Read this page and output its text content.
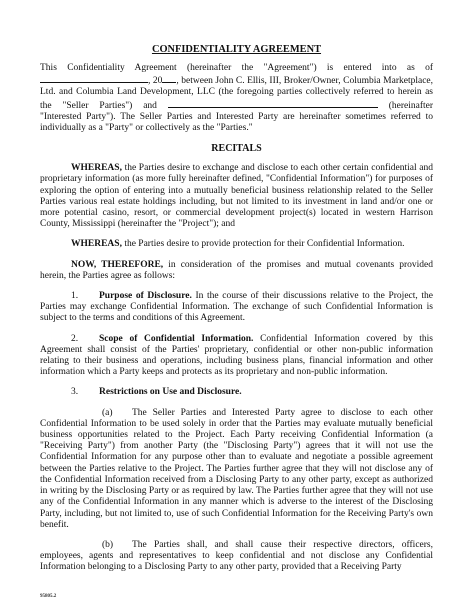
CONFIDENTIALITY AGREEMENT

This Confidentiality Agreement (hereinafter the "Agreement") is entered into as of , 20 , between John C. Ellis, III, Broker/Owner, Columbia Marketplace, Ltd. and Columbia Land Development, LLC (the foregoing parties collectively referred to herein as the "Seller Parties") and	(hereinafter "Interested Party"). The Seller Parties and Interested Party are hereinafter sometimes referred to individually as a "Party" or collectively as the "Parties."

RECITALS

WHEREAS, the Parties desire to exchange and disclose to each other certain confidential and proprietary information (as more fully hereinafter defined, "Confidential Information") for purposes of exploring the option of entering into a mutually beneficial business relationship related to the Seller Parties various real estate holdings including, but not limited to its investment in land and/or one or more potential casino, resort, or commercial development project(s) located in western Harrison County, Mississippi (hereinafter the "Project"); and

WHEREAS, the Parties desire to provide protection for their Confidential Information.

NOW, THEREFORE, in consideration of the promises and mutual covenants provided herein, the Parties agree as follows:

1. Purpose of Disclosure. In the course of their discussions relative to the Project, the Parties may exchange Confidential Information. The exchange of such Confidential Information is subject to the terms and conditions of this Agreement.

2. Scope of Confidential Information. Confidential Information covered by this Agreement shall consist of the Parties' proprietary, confidential or other non-public information relating to their business and operations, including business plans, financial information and other information which a Party keeps and protects as its proprietary and non-public information.

3. Restrictions on Use and Disclosure.

(a) The Seller Parties and Interested Party agree to disclose to each other Confidential Information to be used solely in order that the Parties may evaluate mutually beneficial business opportunities related to the Project. Each Party receiving Confidential Information (a "Receiving Party") from another Party (the "Disclosing Party") agrees that it will not use the Confidential Information for any purpose other than to evaluate and negotiate a possible agreement between the Parties relative to the Project. The Parties further agree that they will not disclose any of the Confidential Information received from a Disclosing Party to any other party, except as authorized in writing by the Disclosing Party or as required by law. The Parties further agree that they will not use any of the Confidential Information in any manner which is adverse to the interest of the Disclosing Party, including, but not limited to, use of such Confidential Information for the Receiving Party's own benefit.

(b) The Parties shall, and shall cause their respective directors, officers, employees, agents and representatives to keep confidential and not disclose any Confidential Information belonging to a Disclosing Party to any other party, provided that a Receiving Party

95805.2
